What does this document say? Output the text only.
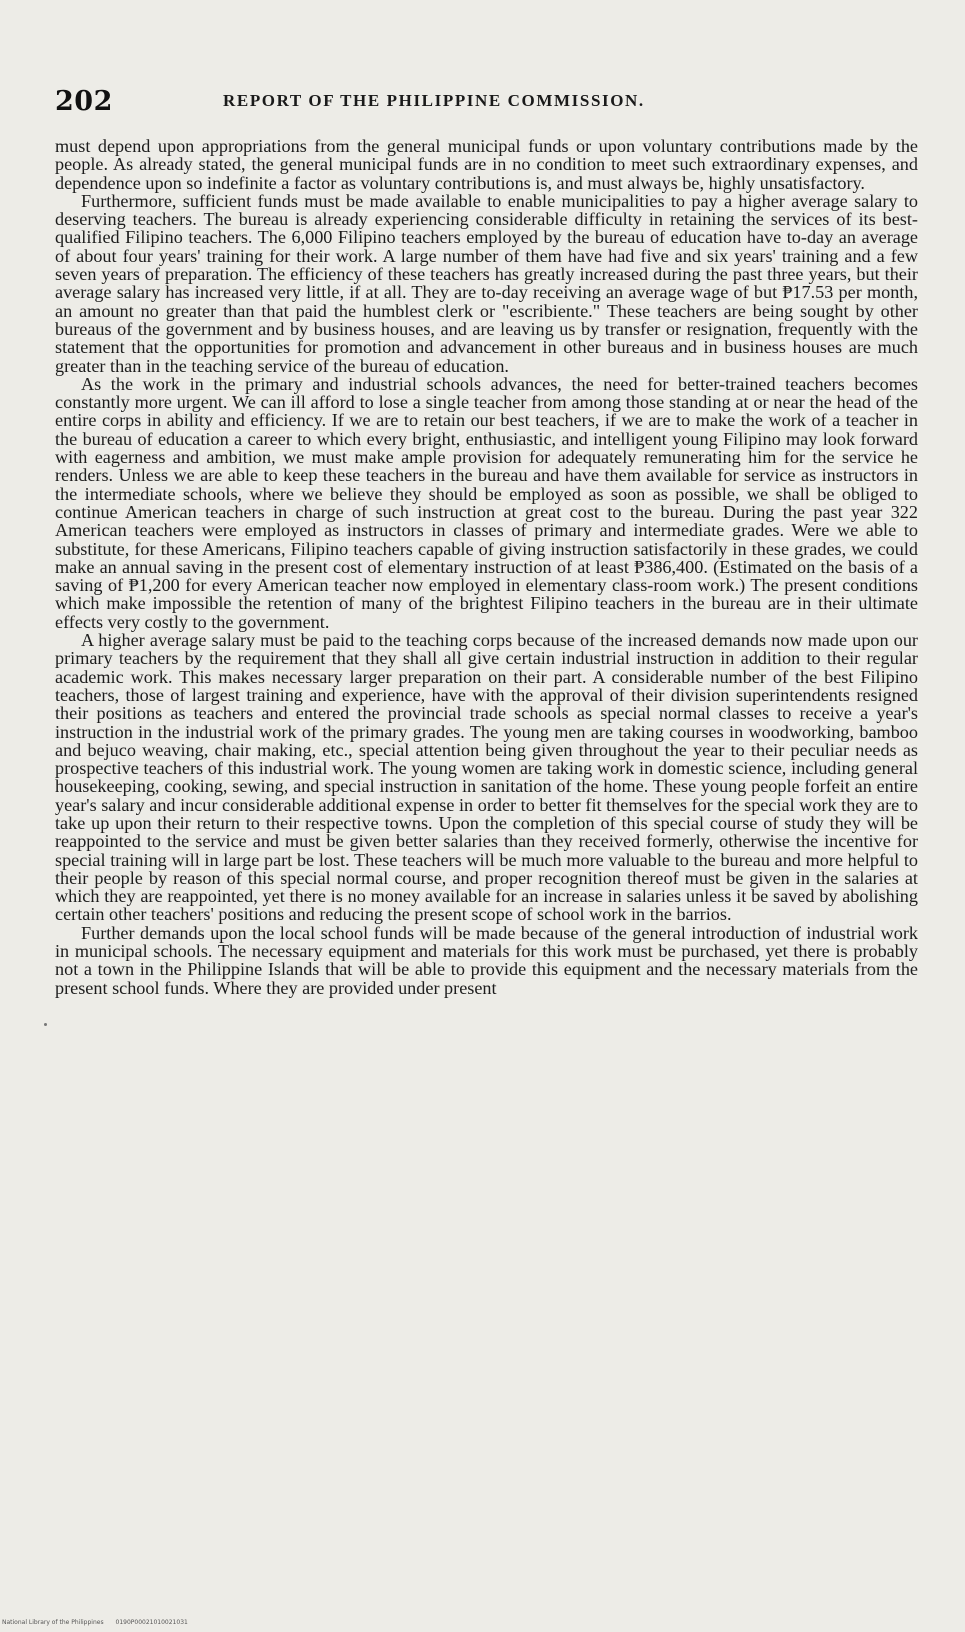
202	REPORT OF THE PHILIPPINE COMMISSION.

must depend upon appropriations from the general municipal funds or upon voluntary contributions made by the people. As already stated, the general municipal funds are in no condition to meet such extraordinary expenses, and dependence upon so indefinite a factor as voluntary contributions is, and must always be, highly unsatisfactory.

Furthermore, sufficient funds must be made available to enable municipalities to pay a higher average salary to deserving teachers. The bureau is already experiencing considerable difficulty in retaining the services of its best-qualified Filipino teachers. The 6,000 Filipino teachers employed by the bureau of education have to-day an average of about four years' training for their work. A large number of them have had five and six years' training and a few seven years of preparation. The efficiency of these teachers has greatly increased during the past three years, but their average salary has increased very little, if at all. They are to-day receiving an average wage of but ₱17.53 per month, an amount no greater than that paid the humblest clerk or "escribiente." These teachers are being sought by other bureaus of the government and by business houses, and are leaving us by transfer or resignation, frequently with the statement that the opportunities for promotion and advancement in other bureaus and in business houses are much greater than in the teaching service of the bureau of education.

As the work in the primary and industrial schools advances, the need for better-trained teachers becomes constantly more urgent. We can ill afford to lose a single teacher from among those standing at or near the head of the entire corps in ability and efficiency. If we are to retain our best teachers, if we are to make the work of a teacher in the bureau of education a career to which every bright, enthusiastic, and intelligent young Filipino may look forward with eagerness and ambition, we must make ample provision for adequately remunerating him for the service he renders. Unless we are able to keep these teachers in the bureau and have them available for service as instructors in the intermediate schools, where we believe they should be employed as soon as possible, we shall be obliged to continue American teachers in charge of such instruction at great cost to the bureau. During the past year 322 American teachers were employed as instructors in classes of primary and intermediate grades. Were we able to substitute, for these Americans, Filipino teachers capable of giving instruction satisfactorily in these grades, we could make an annual saving in the present cost of elementary instruction of at least ₱386,400. (Estimated on the basis of a saving of ₱1,200 for every American teacher now employed in elementary class-room work.) The present conditions which make impossible the retention of many of the brightest Filipino teachers in the bureau are in their ultimate effects very costly to the government.

A higher average salary must be paid to the teaching corps because of the increased demands now made upon our primary teachers by the requirement that they shall all give certain industrial instruction in addition to their regular academic work. This makes necessary larger preparation on their part. A considerable number of the best Filipino teachers, those of largest training and experience, have with the approval of their division superintendents resigned their positions as teachers and entered the provincial trade schools as special normal classes to receive a year's instruction in the industrial work of the primary grades. The young men are taking courses in woodworking, bamboo and bejuco weaving, chair making, etc., special attention being given throughout the year to their peculiar needs as prospective teachers of this industrial work. The young women are taking work in domestic science, including general housekeeping, cooking, sewing, and special instruction in sanitation of the home. These young people forfeit an entire year's salary and incur considerable additional expense in order to better fit themselves for the special work they are to take up upon their return to their respective towns. Upon the completion of this special course of study they will be reappointed to the service and must be given better salaries than they received formerly, otherwise the incentive for special training will in large part be lost. These teachers will be much more valuable to the bureau and more helpful to their people by reason of this special normal course, and proper recognition thereof must be given in the salaries at which they are reappointed, yet there is no money available for an increase in salaries unless it be saved by abolishing certain other teachers' positions and reducing the present scope of school work in the barrios.

Further demands upon the local school funds will be made because of the general introduction of industrial work in municipal schools. The necessary equipment and materials for this work must be purchased, yet there is probably not a town in the Philippine Islands that will be able to provide this equipment and the necessary materials from the present school funds. Where they are provided under present

National Library of the Philippines 0190P00021010021031
